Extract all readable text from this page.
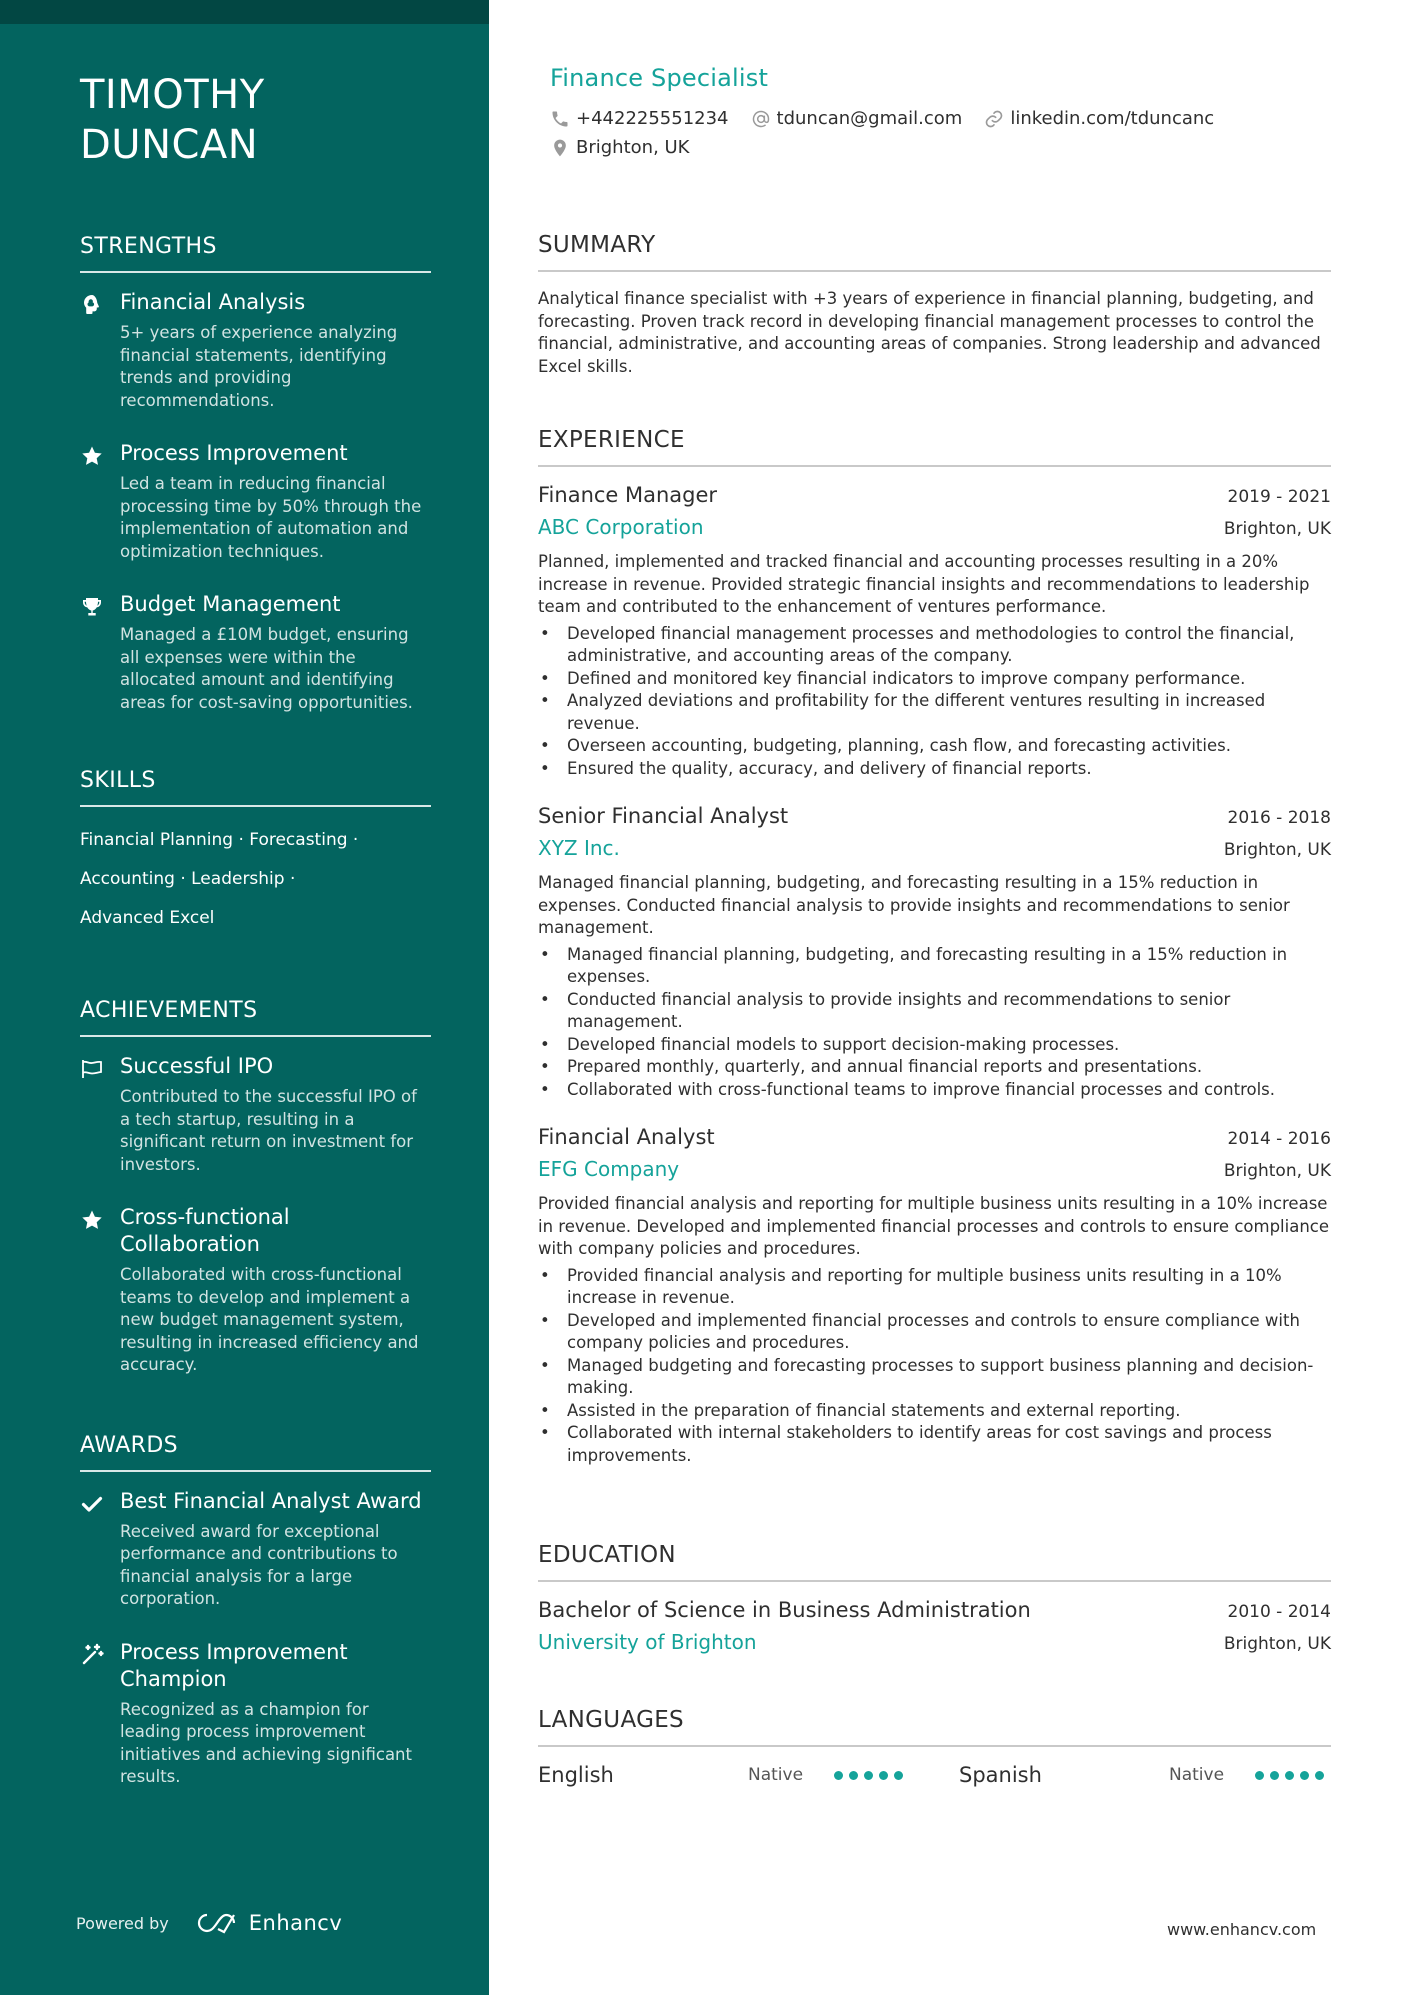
TIMOTHY
DUNCAN
STRENGTHS
Financial Analysis
5+ years of experience analyzing financial statements, identifying trends and providing recommendations.
Process Improvement
Led a team in reducing financial processing time by 50% through the implementation of automation and optimization techniques.
Budget Management
Managed a £10M budget, ensuring all expenses were within the allocated amount and identifying areas for cost-saving opportunities.
SKILLS
Financial Planning · Forecasting ·
Accounting · Leadership ·
Advanced Excel
ACHIEVEMENTS
Successful IPO
Contributed to the successful IPO of a tech startup, resulting in a significant return on investment for investors.
Cross-functional Collaboration
Collaborated with cross-functional teams to develop and implement a new budget management system, resulting in increased efficiency and accuracy.
AWARDS
Best Financial Analyst Award
Received award for exceptional performance and contributions to financial analysis for a large corporation.
Process Improvement Champion
Recognized as a champion for leading process improvement initiatives and achieving significant results.
Powered by	Enhancv
Finance Specialist
+442225551234	tduncan@gmail.com	linkedin.com/tduncanc
Brighton, UK
SUMMARY
Analytical finance specialist with +3 years of experience in financial planning, budgeting, and forecasting. Proven track record in developing financial management processes to control the financial, administrative, and accounting areas of companies. Strong leadership and advanced Excel skills.
EXPERIENCE
Finance Manager	2019 - 2021
ABC Corporation	Brighton, UK
Planned, implemented and tracked financial and accounting processes resulting in a 20% increase in revenue. Provided strategic financial insights and recommendations to leadership team and contributed to the enhancement of ventures performance.
• Developed financial management processes and methodologies to control the financial, administrative, and accounting areas of the company.
• Defined and monitored key financial indicators to improve company performance.
• Analyzed deviations and profitability for the different ventures resulting in increased revenue.
• Overseen accounting, budgeting, planning, cash flow, and forecasting activities.
• Ensured the quality, accuracy, and delivery of financial reports.
Senior Financial Analyst	2016 - 2018
XYZ Inc.	Brighton, UK
Managed financial planning, budgeting, and forecasting resulting in a 15% reduction in expenses. Conducted financial analysis to provide insights and recommendations to senior management.
• Managed financial planning, budgeting, and forecasting resulting in a 15% reduction in expenses.
• Conducted financial analysis to provide insights and recommendations to senior management.
• Developed financial models to support decision-making processes.
• Prepared monthly, quarterly, and annual financial reports and presentations.
• Collaborated with cross-functional teams to improve financial processes and controls.
Financial Analyst	2014 - 2016
EFG Company	Brighton, UK
Provided financial analysis and reporting for multiple business units resulting in a 10% increase in revenue. Developed and implemented financial processes and controls to ensure compliance with company policies and procedures.
• Provided financial analysis and reporting for multiple business units resulting in a 10% increase in revenue.
• Developed and implemented financial processes and controls to ensure compliance with company policies and procedures.
• Managed budgeting and forecasting processes to support business planning and decision-making.
• Assisted in the preparation of financial statements and external reporting.
• Collaborated with internal stakeholders to identify areas for cost savings and process improvements.
EDUCATION
Bachelor of Science in Business Administration	2010 - 2014
University of Brighton	Brighton, UK
LANGUAGES
English	Native	Spanish	Native
www.enhancv.com
